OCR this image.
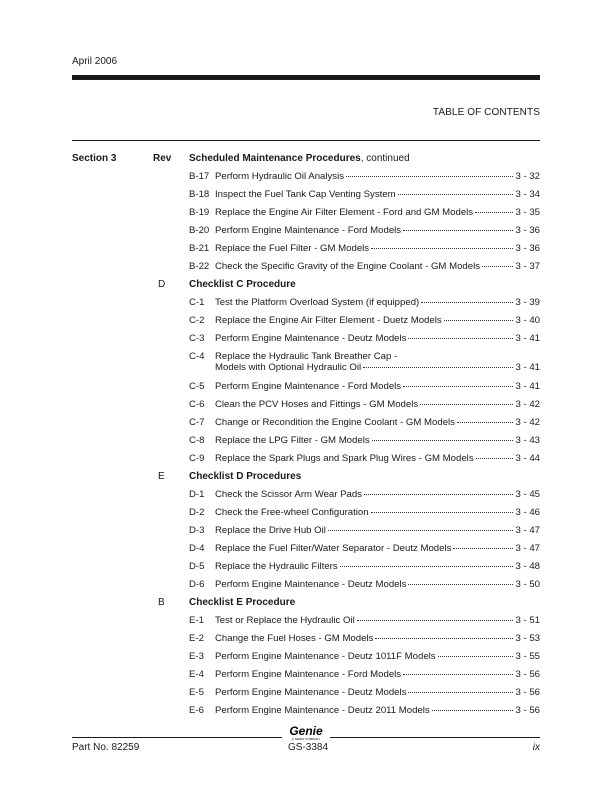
April 2006
TABLE OF CONTENTS
Section 3	Rev Scheduled Maintenance Procedures, continued
B-17 Perform Hydraulic Oil Analysis	3 - 32
B-18 Inspect the Fuel Tank Cap Venting System	3 - 34
B-19 Replace the Engine Air Filter Element - Ford and GM Models	3 - 35
B-20 Perform Engine Maintenance - Ford Models	3 - 36
B-21 Replace the Fuel Filter - GM Models	3 - 36
B-22 Check the Specific Gravity of the Engine Coolant - GM Models	3 - 37
D Checklist C Procedure
C-1 Test the Platform Overload System (if equipped)	3 - 39
C-2 Replace the Engine Air Filter Element - Duetz Models	3 - 40
C-3 Perform Engine Maintenance - Deutz Models	3 - 41
C-4 Replace the Hydraulic Tank Breather Cap -
Models with Optional Hydraulic Oil	3 - 41
C-5 Perform Engine Maintenance - Ford Models	3 - 41
C-6 Clean the PCV Hoses and Fittings - GM Models	3 - 42
C-7 Change or Recondition the Engine Coolant - GM Models	3 - 42
C-8 Replace the LPG Filter - GM Models	3 - 43
C-9 Replace the Spark Plugs and Spark Plug Wires - GM Models	3 - 44
E Checklist D Procedures
D-1 Check the Scissor Arm Wear Pads	3 - 45
D-2 Check the Free-wheel Configuration	3 - 46
D-3 Replace the Drive Hub Oil	3 - 47
D-4 Replace the Fuel Filter/Water Separator - Deutz Models	3 - 47
D-5 Replace the Hydraulic Filters	3 - 48
D-6 Perform Engine Maintenance - Deutz Models	3 - 50
B Checklist E Procedure
E-1 Test or Replace the Hydraulic Oil	3 - 51
E-2 Change the Fuel Hoses - GM Models	3 - 53
E-3 Perform Engine Maintenance - Deutz 1011F Models	3 - 55
E-4 Perform Engine Maintenance - Ford Models	3 - 56
E-5 Perform Engine Maintenance - Deutz Models	3 - 56
E-6 Perform Engine Maintenance - Deutz 2011 Models	3 - 56
Genie
A TEREX COMPANY
Part No. 82259	GS-3384	ix
